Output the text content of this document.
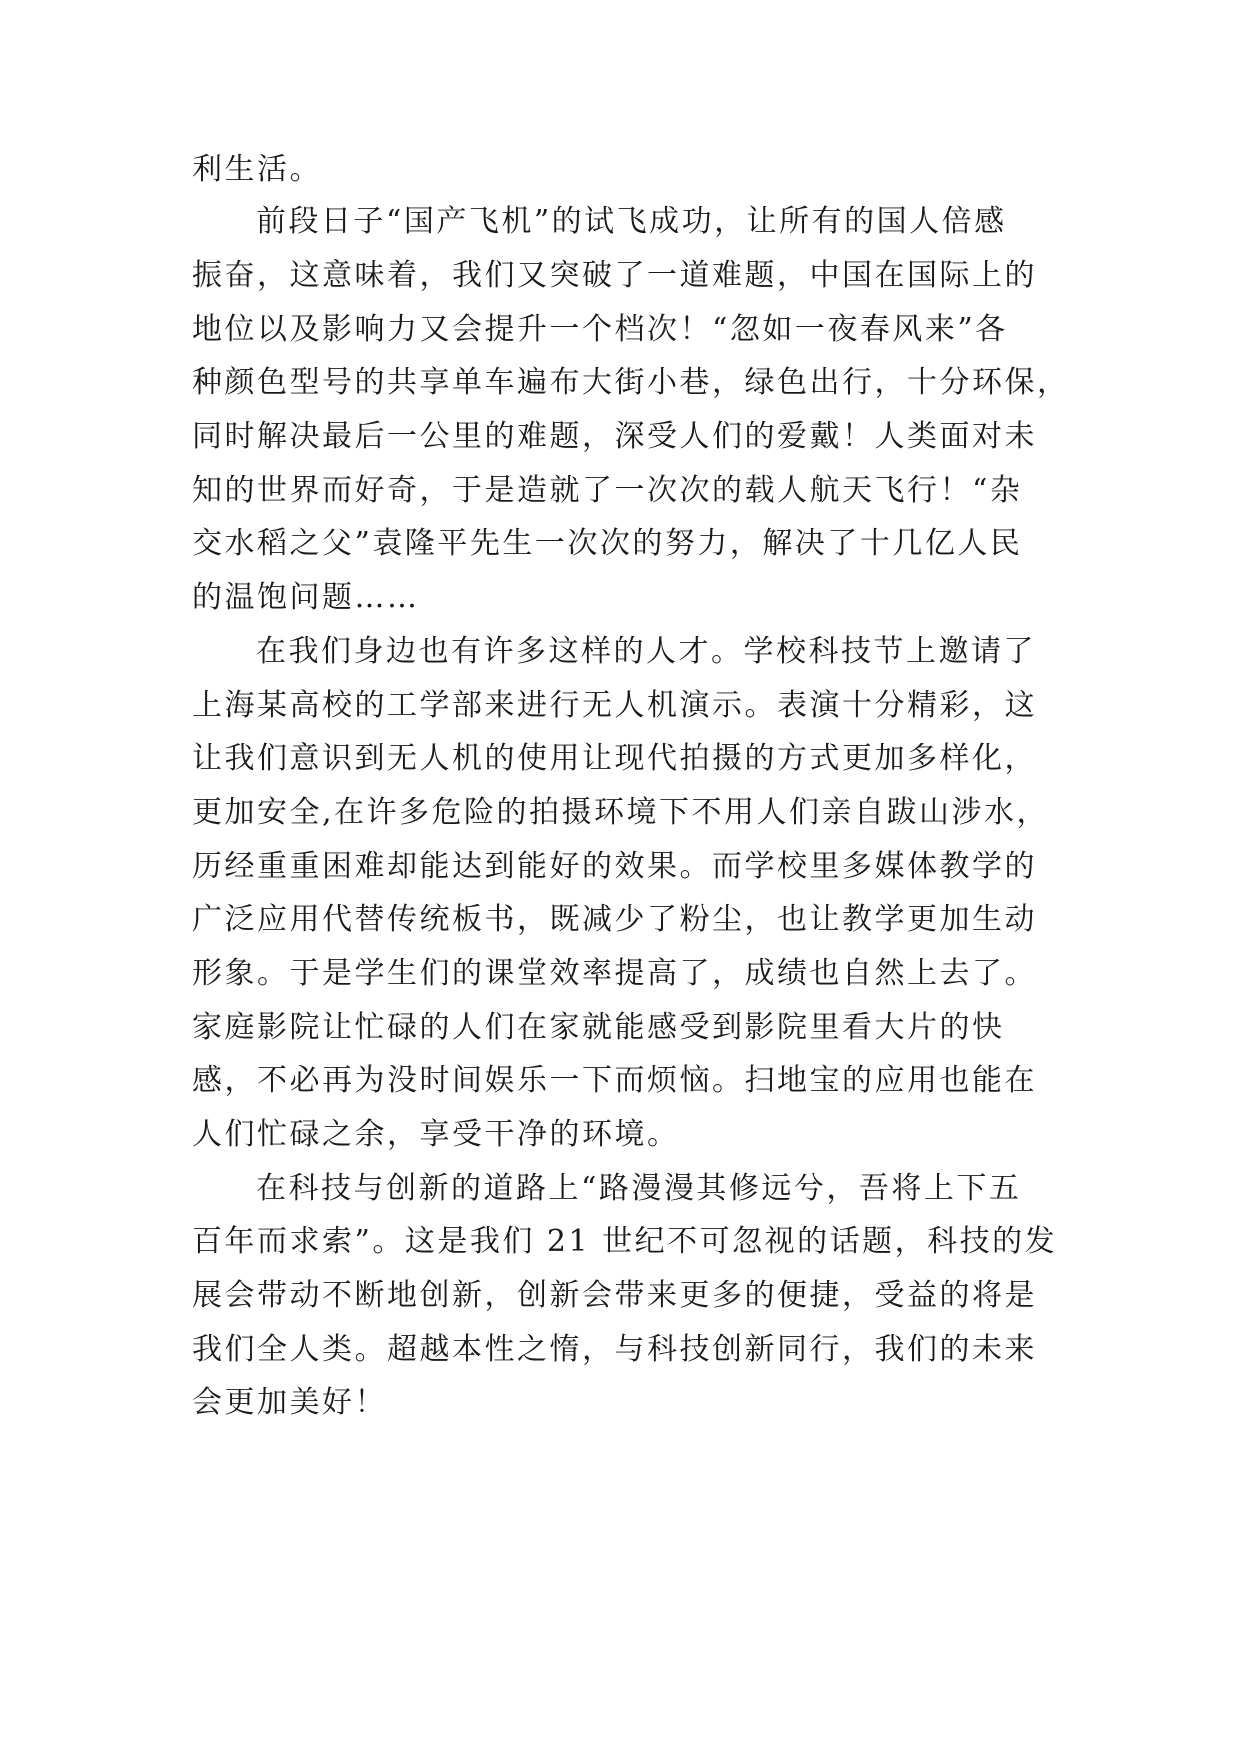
利生活。
前段日子“国产飞机”的试飞成功，让所有的国人倍感
振奋，这意味着，我们又突破了一道难题，中国在国际上的
地位以及影响力又会提升一个档次！“忽如一夜春风来”各
种颜色型号的共享单车遍布大街小巷，绿色出行，十分环保，
同时解决最后一公里的难题，深受人们的爱戴！人类面对未
知的世界而好奇，于是造就了一次次的载人航天飞行！“杂
交水稻之父”袁隆平先生一次次的努力，解决了十几亿人民
的温饱问题……
在我们身边也有许多这样的人才。学校科技节上邀请了
上海某高校的工学部来进行无人机演示。表演十分精彩，这
让我们意识到无人机的使用让现代拍摄的方式更加多样化，
更加安全,在许多危险的拍摄环境下不用人们亲自跋山涉水，
历经重重困难却能达到能好的效果。而学校里多媒体教学的
广泛应用代替传统板书，既减少了粉尘，也让教学更加生动
形象。于是学生们的课堂效率提高了，成绩也自然上去了。
家庭影院让忙碌的人们在家就能感受到影院里看大片的快
感，不必再为没时间娱乐一下而烦恼。扫地宝的应用也能在
人们忙碌之余，享受干净的环境。
在科技与创新的道路上“路漫漫其修远兮，吾将上下五
百年而求索”。这是我们 21 世纪不可忽视的话题，科技的发
展会带动不断地创新，创新会带来更多的便捷，受益的将是
我们全人类。超越本性之惰，与科技创新同行，我们的未来
会更加美好！
